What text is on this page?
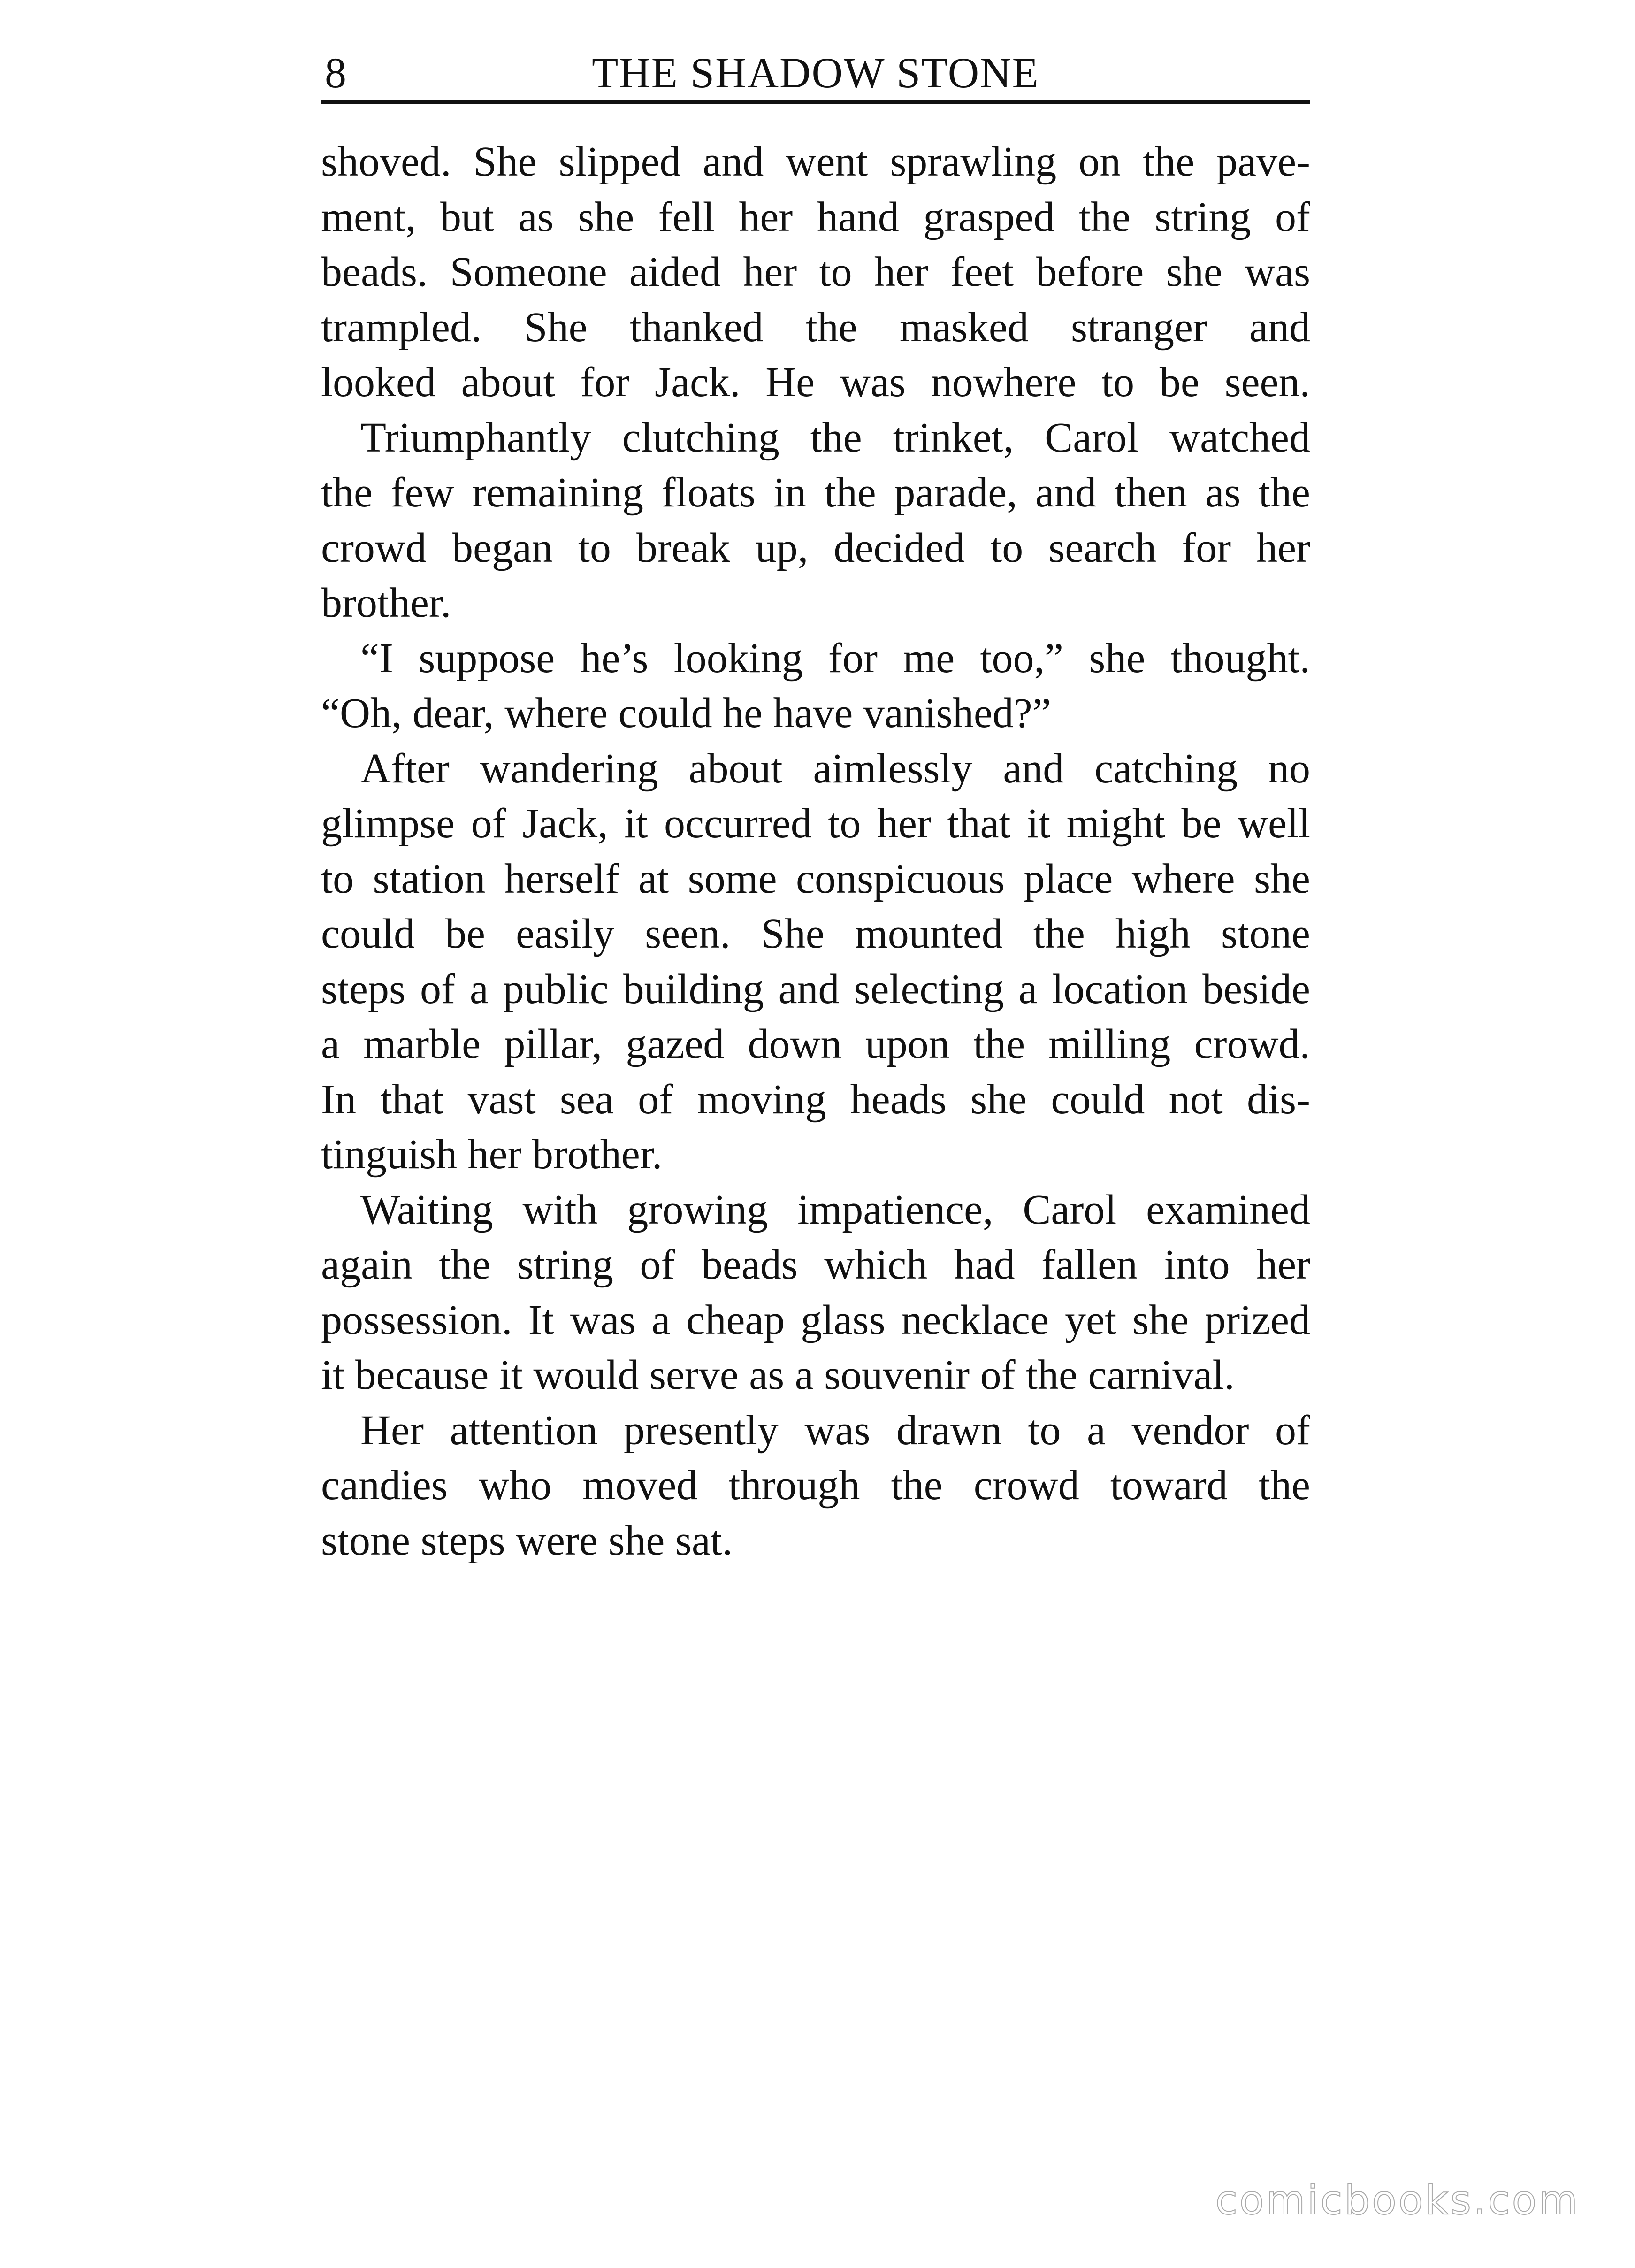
8	THE SHADOW STONE
shoved. She slipped and went sprawling on the pave-
ment, but as she fell her hand grasped the string of
beads. Someone aided her to her feet before she was
trampled. She thanked the masked stranger and
looked about for Jack. He was nowhere to be seen.
Triumphantly clutching the trinket, Carol watched
the few remaining floats in the parade, and then as the
crowd began to break up, decided to search for her
brother.
“I suppose he’s looking for me too,” she thought.
“Oh, dear, where could he have vanished?”
After wandering about aimlessly and catching no
glimpse of Jack, it occurred to her that it might be well
to station herself at some conspicuous place where she
could be easily seen. She mounted the high stone
steps of a public building and selecting a location beside
a marble pillar, gazed down upon the milling crowd.
In that vast sea of moving heads she could not dis-
tinguish her brother.
Waiting with growing impatience, Carol examined
again the string of beads which had fallen into her
possession. It was a cheap glass necklace yet she prized
it because it would serve as a souvenir of the carnival.
Her attention presently was drawn to a vendor of
candies who moved through the crowd toward the
stone steps were she sat.
comicbooks.com
